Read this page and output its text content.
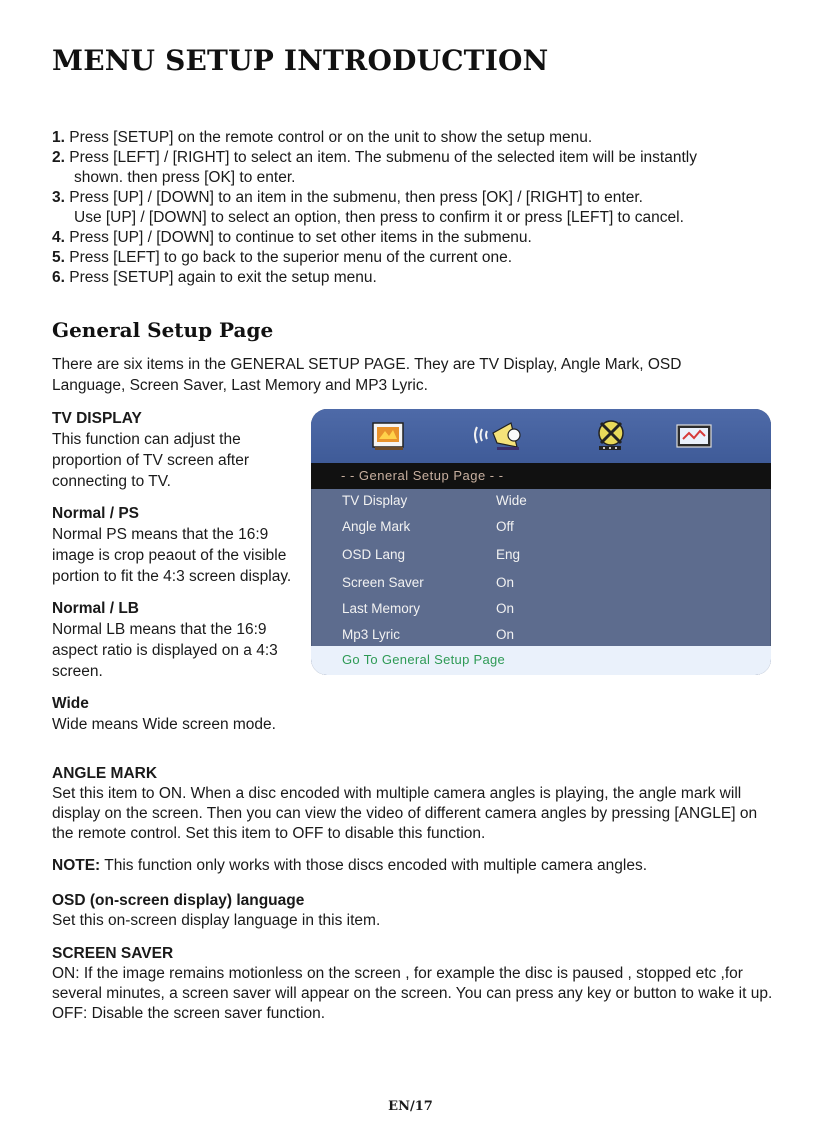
MENU SETUP INTRODUCTION
1. Press [SETUP] on the remote control or on the unit to show the setup menu.
2. Press [LEFT] / [RIGHT] to select an item. The submenu of the selected item will be instantly
shown. then press [OK] to enter.
3. Press [UP] / [DOWN] to an item in the submenu, then press [OK] / [RIGHT] to enter.
Use [UP] / [DOWN] to select an option, then press to confirm it or press [LEFT] to cancel.
4. Press [UP] / [DOWN] to continue to set other items in the submenu.
5. Press [LEFT] to go back to the superior menu of the current one.
6. Press [SETUP] again to exit the setup menu.
General Setup Page
There are six items in the GENERAL SETUP PAGE. They are TV Display, Angle Mark, OSD Language, Screen Saver, Last Memory and MP3 Lyric.
TV DISPLAY
This function can adjust the proportion of TV screen after connecting to TV.
Normal / PS
Normal PS means that the 16:9 image is crop peaout of the visible portion to fit the 4:3 screen display.
Normal / LB
Normal LB means that the 16:9 aspect ratio is displayed on a 4:3 screen.
Wide
Wide means Wide screen mode.
- - General Setup Page - -
TV Display	Wide
Angle Mark	Off
OSD Lang	Eng
Screen Saver	On
Last Memory	On
Mp3 Lyric	On
Go To General Setup Page
ANGLE MARK
Set this item to ON. When a disc encoded with multiple camera angles is playing, the angle mark will display on the screen. Then you can view the video of different camera angles by pressing [ANGLE] on the remote control. Set this item to OFF to disable this function.
NOTE: This function only works with those discs encoded with multiple camera angles.
OSD (on-screen display) language
Set this on-screen display language in this item.
SCREEN SAVER
ON: If the image remains motionless on the screen , for example the disc is paused , stopped etc ,for several minutes, a screen saver will appear on the screen. You can press any key or button to wake it up.
OFF: Disable the screen saver function.
EN/17
